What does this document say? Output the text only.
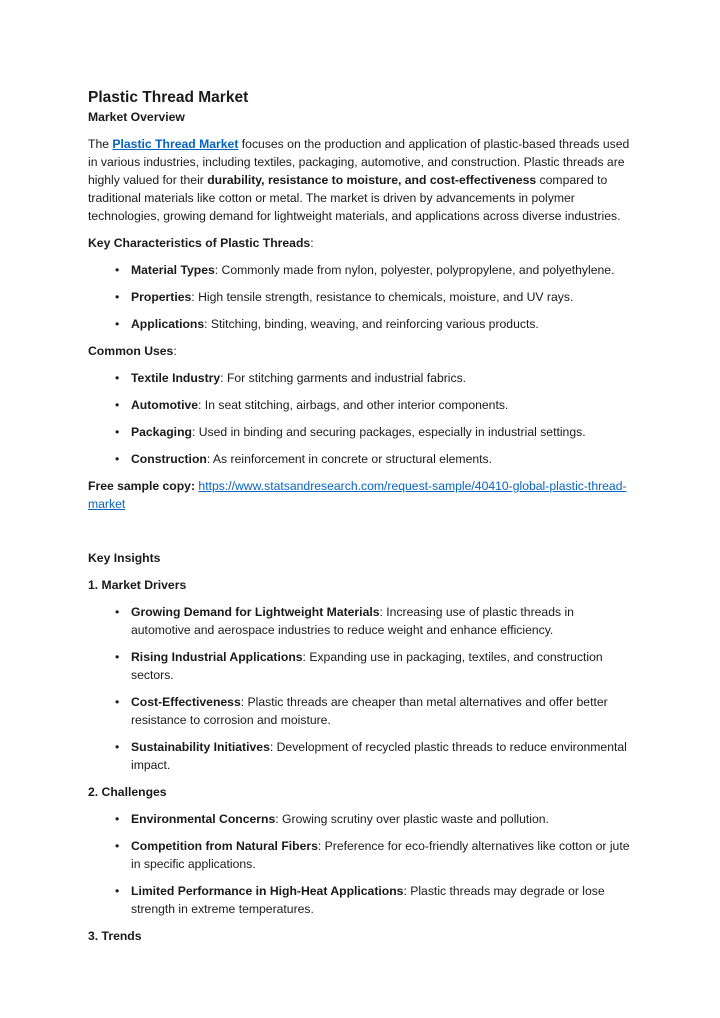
Plastic Thread Market
Market Overview

The Plastic Thread Market focuses on the production and application of plastic-based threads used in various industries, including textiles, packaging, automotive, and construction. Plastic threads are highly valued for their durability, resistance to moisture, and cost-effectiveness compared to traditional materials like cotton or metal. The market is driven by advancements in polymer technologies, growing demand for lightweight materials, and applications across diverse industries.

Key Characteristics of Plastic Threads:

• Material Types: Commonly made from nylon, polyester, polypropylene, and polyethylene.
• Properties: High tensile strength, resistance to chemicals, moisture, and UV rays.
• Applications: Stitching, binding, weaving, and reinforcing various products.

Common Uses:

• Textile Industry: For stitching garments and industrial fabrics.
• Automotive: In seat stitching, airbags, and other interior components.
• Packaging: Used in binding and securing packages, especially in industrial settings.
• Construction: As reinforcement in concrete or structural elements.

Free sample copy: https://www.statsandresearch.com/request-sample/40410-global-plastic-thread-market

Key Insights

1. Market Drivers

• Growing Demand for Lightweight Materials: Increasing use of plastic threads in automotive and aerospace industries to reduce weight and enhance efficiency.
• Rising Industrial Applications: Expanding use in packaging, textiles, and construction sectors.
• Cost-Effectiveness: Plastic threads are cheaper than metal alternatives and offer better resistance to corrosion and moisture.
• Sustainability Initiatives: Development of recycled plastic threads to reduce environmental impact.

2. Challenges

• Environmental Concerns: Growing scrutiny over plastic waste and pollution.
• Competition from Natural Fibers: Preference for eco-friendly alternatives like cotton or jute in specific applications.
• Limited Performance in High-Heat Applications: Plastic threads may degrade or lose strength in extreme temperatures.

3. Trends
